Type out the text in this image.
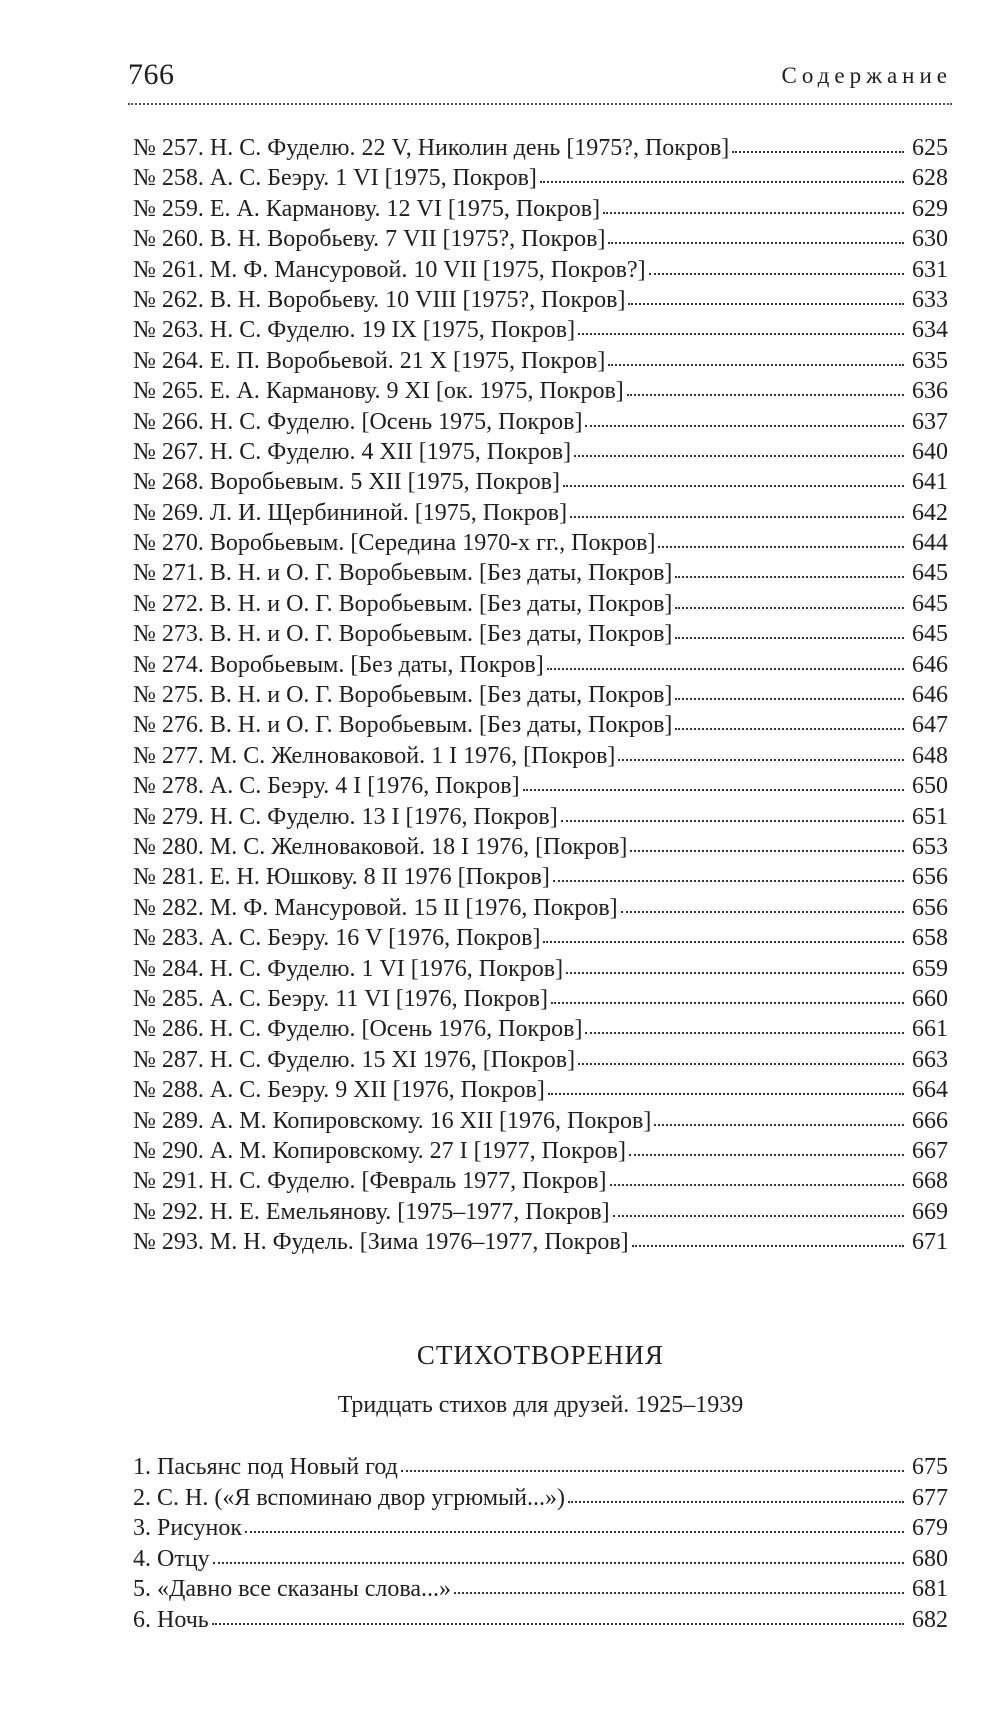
766	Содержание
№ 257. Н. С. Фуделю. 22 V, Николин день [1975?, Покров]	625
№ 258. А. С. Беэру. 1 VI [1975, Покров]	628
№ 259. Е. А. Карманову. 12 VI [1975, Покров]	629
№ 260. В. Н. Воробьеву. 7 VII [1975?, Покров]	630
№ 261. М. Ф. Мансуровой. 10 VII [1975, Покров?]	631
№ 262. В. Н. Воробьеву. 10 VIII [1975?, Покров]	633
№ 263. Н. С. Фуделю. 19 IX [1975, Покров]	634
№ 264. Е. П. Воробьевой. 21 X [1975, Покров]	635
№ 265. Е. А. Карманову. 9 XI [ок. 1975, Покров]	636
№ 266. Н. С. Фуделю. [Осень 1975, Покров]	637
№ 267. Н. С. Фуделю. 4 XII [1975, Покров]	640
№ 268. Воробьевым. 5 XII [1975, Покров]	641
№ 269. Л. И. Щербининой. [1975, Покров]	642
№ 270. Воробьевым. [Середина 1970-х гг., Покров]	644
№ 271. В. Н. и О. Г. Воробьевым. [Без даты, Покров]	645
№ 272. В. Н. и О. Г. Воробьевым. [Без даты, Покров]	645
№ 273. В. Н. и О. Г. Воробьевым. [Без даты, Покров]	645
№ 274. Воробьевым. [Без даты, Покров]	646
№ 275. В. Н. и О. Г. Воробьевым. [Без даты, Покров]	646
№ 276. В. Н. и О. Г. Воробьевым. [Без даты, Покров]	647
№ 277. М. С. Желноваковой. 1 I 1976, [Покров]	648
№ 278. А. С. Беэру. 4 I [1976, Покров]	650
№ 279. Н. С. Фуделю. 13 I [1976, Покров]	651
№ 280. М. С. Желноваковой. 18 I 1976, [Покров]	653
№ 281. Е. Н. Юшкову. 8 II 1976 [Покров]	656
№ 282. М. Ф. Мансуровой. 15 II [1976, Покров]	656
№ 283. А. С. Беэру. 16 V [1976, Покров]	658
№ 284. Н. С. Фуделю. 1 VI [1976, Покров]	659
№ 285. А. С. Беэру. 11 VI [1976, Покров]	660
№ 286. Н. С. Фуделю. [Осень 1976, Покров]	661
№ 287. Н. С. Фуделю. 15 XI 1976, [Покров]	663
№ 288. А. С. Беэру. 9 XII [1976, Покров]	664
№ 289. А. М. Копировскому. 16 XII [1976, Покров]	666
№ 290. А. М. Копировскому. 27 I [1977, Покров]	667
№ 291. Н. С. Фуделю. [Февраль 1977, Покров]	668
№ 292. Н. Е. Емельянову. [1975–1977, Покров]	669
№ 293. М. Н. Фудель. [Зима 1976–1977, Покров]	671
СТИХОТВОРЕНИЯ
Тридцать стихов для друзей. 1925–1939
1. Пасьянс под Новый год	675
2. С. Н. («Я вспоминаю двор угрюмый...»)	677
3. Рисунок	679
4. Отцу	680
5. «Давно все сказаны слова...»	681
6. Ночь	682
